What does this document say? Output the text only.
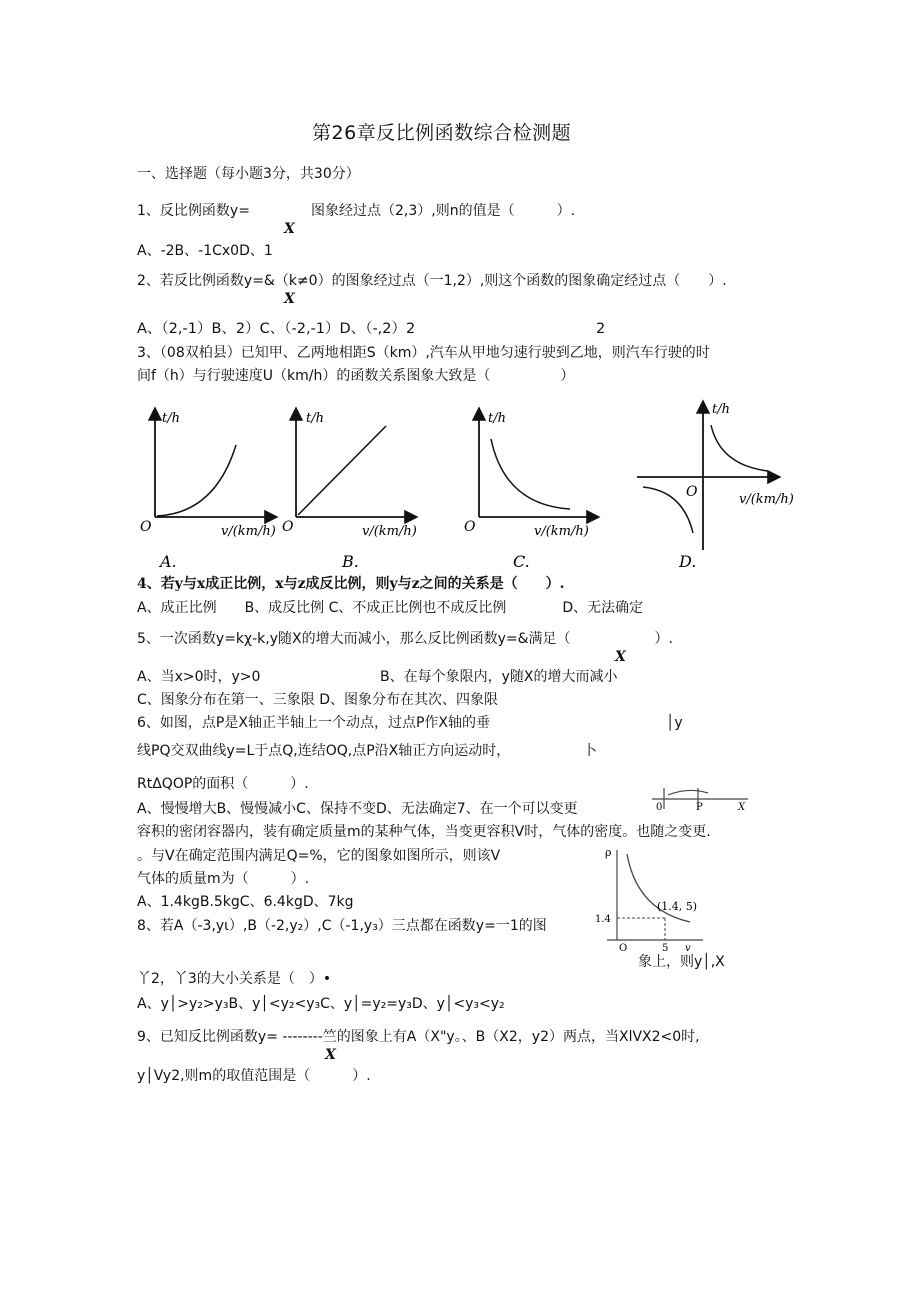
第26章反比例函数综合检测题
一、选择题（每小题3分，共30分）
1、反比例函数y=	图象经过点（2,3）,则n的值是（　　　）.
X
A、-2B、-1Cx0D、1
2、若反比例函数y=&（k≠0）的图象经过点（一1,2）,则这个函数的图象确定经过点（　　）.
X
A、（2,-1）B、2）C、（-2,-1）D、（-,2）2	2
3、（08双柏县）已知甲、乙两地相距S（km）,汽车从甲地匀速行驶到乙地，则汽车行驶的时
间f（h）与行驶速度U（km/h）的函数关系图象大致是（　　　　　）
t/h
O	v/(km/h)
A.
t/h
O	v/(km/h)
B.
t/h
O	v/(km/h)
C.
t/h
O	v/(km/h)
D.
4、若y与x成正比例，x与z成反比例，则y与z之间的关系是（　　）.
A、成正比例　　B、成反比例 C、不成正比例也不成反比例　　　　D、无法确定
5、一次函数y=kχ-k,y随X的增大而减小，那么反比例函数y=&满足（　　　　　　）.
X
A、当x>0时，y>0	B、在每个象限内，y随X的增大而减小
C、图象分布在第一、三象限 D、图象分布在其次、四象限
6、如图，点P是X轴正半轴上一个动点，过点P作X轴的垂	│y
线PQ交双曲线y=L于点Q,连结OQ,点P沿X轴正方向运动时，	卜
RtΔQOP的面积（　　　）.
A、慢慢增大B、慢慢减小C、保持不变D、无法确定7、在一个可以变更	0	P	X
容积的密闭容器内，装有确定质量m的某种气体，当变更容积V时，气体的密度。也随之变更.
。与V在确定范围内满足Q=%，它的图象如图所示，则该V
气体的质量m为（　　　）.
A、1.4kgB.5kgC、6.4kgD、7kg
ρ
(1.4, 5)
1.4
5
O	v
8、若A（-3,yι）,B（-2,y₂）,C（-1,y₃）三点都在函数y=一1的图
象上，则y│,X
丫2，丫3的大小关系是（　）•
A、y│>y₂>y₃B、y│<y₂<y₃C、y│=y₂=y₃D、y│<y₃<y₂
9、已知反比例函数y= --------竺的图象上有A（X"y。、B（X2，y2）两点，当XlVX2<0时,
X
y│Vy2,则m的取值范围是（　　　）.
